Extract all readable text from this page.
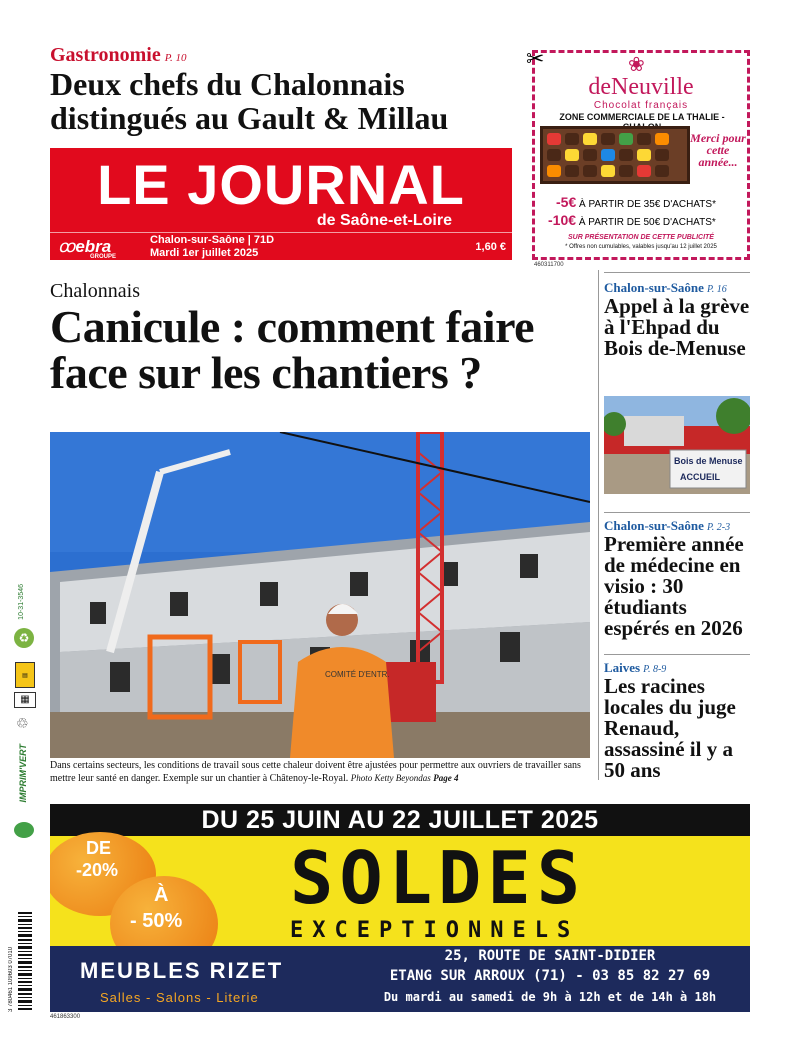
Gastronomie P. 10
Deux chefs du Chalonnais
distingués au Gault & Millau
LE JOURNAL
de Saône-et-Loire
ꝏebra
GROUPE
Chalon-sur-Saône | 71D
Mardi 1er juillet 2025	1,60 €
✂	❀
deNeuville
Chocolat français
ZONE COMMERCIALE DE LA THALIE -
Merci pour cette année...
-5€ À PARTIR DE 35€ D'ACHATS*
-10€ À PARTIR DE 50€ D'ACHATS*
SUR PRÉSENTATION DE CETTE PUBLICITÉ
* Offres non cumulables, valables jusqu'au 12 juillet 2025
460311700
Chalonnais
Canicule : comment faire
face sur les chantiers ?
COMITÉ D'ENTR.
Dans certains secteurs, les conditions de travail sous cette chaleur doivent être ajustées pour permettre aux ouvriers de travailler sans mettre leur santé en danger. Exemple sur un chantier à Châtenoy-le-Royal. Photo Ketty Beyondas Page 4
Chalon-sur-Saône P. 16
Appel à la grève à l'Ehpad du Bois de-Menuse
Bois de Menuse
ACCUEIL
Chalon-sur-Saône P. 2-3
Première année de médecine en visio : 30 étudiants espérés en 2026
Laives P. 8-9
Les racines locales du juge Renaud, assassiné il y a 50 ans
10-31-3546
♻
▤
▦
♲
IMPRIM'VERT
3 780461 109603 07010
DU 25 JUIN AU 22 JUILLET 2025
DE
-20%
À
- 50%
SOLDES
EXCEPTIONNELS
MEUBLES RIZET
Salles - Salons - Literie
25, ROUTE DE SAINT-DIDIER
ETANG SUR ARROUX (71) - 03 85 82 27 69
Du mardi au samedi de 9h à 12h et de 14h à 18h
461863300
